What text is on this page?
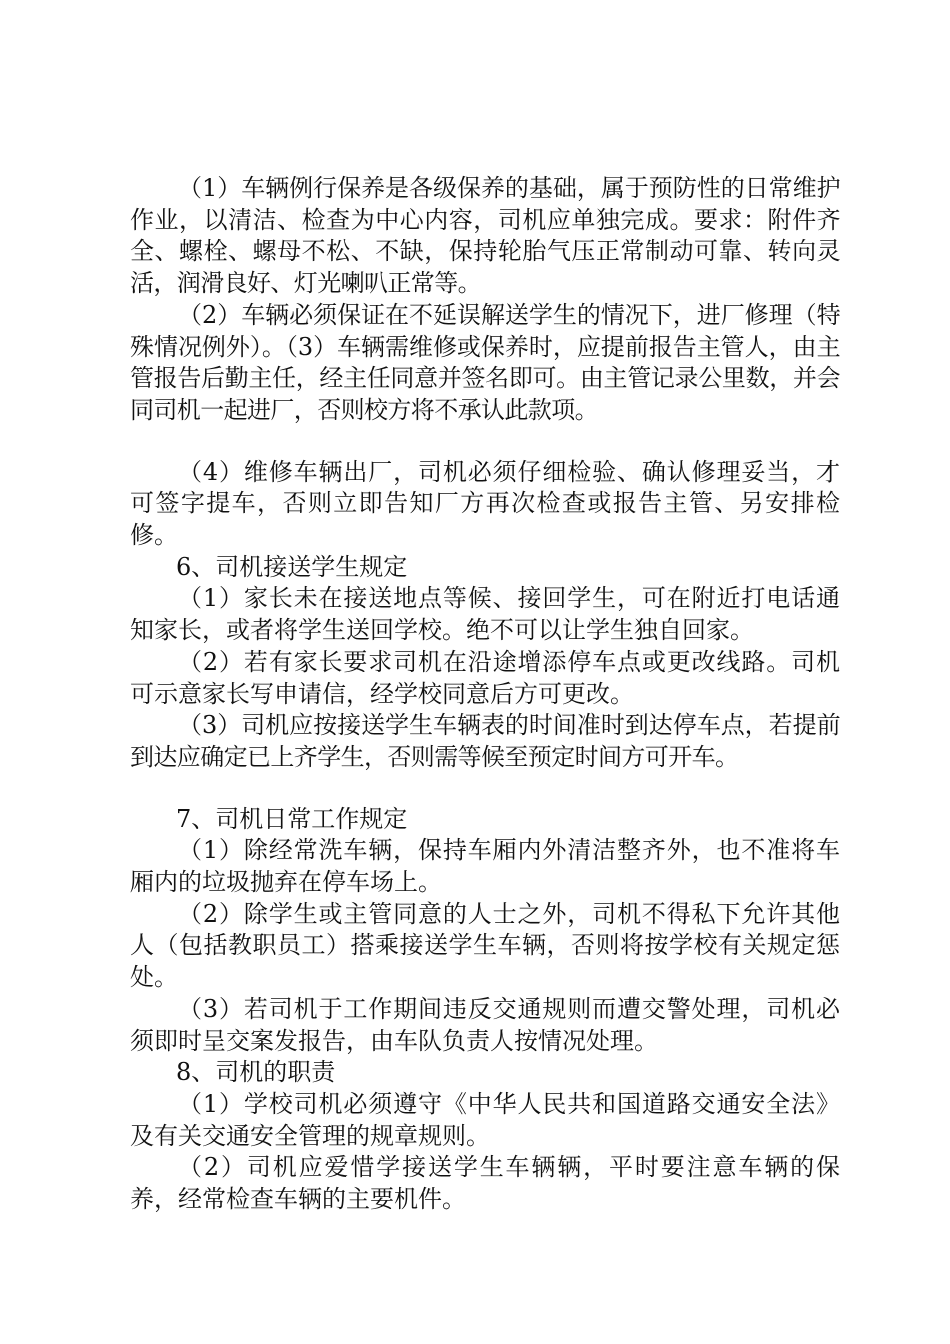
（1）车辆例行保养是各级保养的基础，属于预防性的日常维护作业，以清洁、检查为中心内容，司机应单独完成。要求：附件齐全、螺栓、螺母不松、不缺，保持轮胎气压正常制动可靠、转向灵活，润滑良好、灯光喇叭正常等。

（2）车辆必须保证在不延误解送学生的情况下，进厂修理（特殊情况例外）。（3）车辆需维修或保养时，应提前报告主管人，由主管报告后勤主任，经主任同意并签名即可。由主管记录公里数，并会同司机一起进厂，否则校方将不承认此款项。

（4）维修车辆出厂，司机必须仔细检验、确认修理妥当，才可签字提车，否则立即告知厂方再次检查或报告主管、另安排检修。

6、司机接送学生规定

（1）家长未在接送地点等候、接回学生，可在附近打电话通知家长，或者将学生送回学校。绝不可以让学生独自回家。

（2）若有家长要求司机在沿途增添停车点或更改线路。司机可示意家长写申请信，经学校同意后方可更改。

（3）司机应按接送学生车辆表的时间准时到达停车点，若提前到达应确定已上齐学生，否则需等候至预定时间方可开车。

7、司机日常工作规定

（1）除经常洗车辆，保持车厢内外清洁整齐外，也不准将车厢内的垃圾抛弃在停车场上。

（2）除学生或主管同意的人士之外，司机不得私下允许其他人（包括教职员工）搭乘接送学生车辆，否则将按学校有关规定惩处。

（3）若司机于工作期间违反交通规则而遭交警处理，司机必须即时呈交案发报告，由车队负责人按情况处理。

8、司机的职责

（1）学校司机必须遵守《中华人民共和国道路交通安全法》及有关交通安全管理的规章规则。

（2）司机应爱惜学接送学生车辆辆，平时要注意车辆的保养，经常检查车辆的主要机件。
